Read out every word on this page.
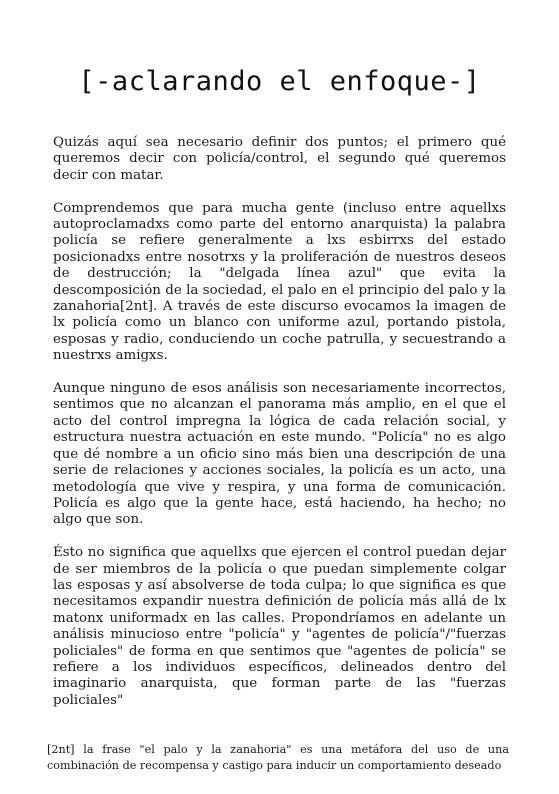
[-aclarando el enfoque-]

Quizás aquí sea necesario definir dos puntos; el primero qué queremos decir con policía/control, el segundo qué queremos decir con matar.

Comprendemos que para mucha gente (incluso entre aquellxs autoproclamadxs como parte del entorno anarquista) la palabra policía se refiere generalmente a lxs esbirrxs del estado posicionadxs entre nosotrxs y la proliferación de nuestros deseos de destrucción; la "delgada línea azul" que evita la descomposición de la sociedad, el palo en el principio del palo y la zanahoria[2nt]. A través de este discurso evocamos la imagen de lx policía como un blanco con uniforme azul, portando pistola, esposas y radio, conduciendo un coche patrulla, y secuestrando a nuestrxs amigxs.

Aunque ninguno de esos análisis son necesariamente incorrectos, sentimos que no alcanzan el panorama más amplio, en el que el acto del control impregna la lógica de cada relación social, y estructura nuestra actuación en este mundo. "Policía" no es algo que dé nombre a un oficio sino más bien una descripción de una serie de relaciones y acciones sociales, la policía es un acto, una metodología que vive y respira, y una forma de comunicación. Policía es algo que la gente hace, está haciendo, ha hecho; no algo que son.

Ésto no significa que aquellxs que ejercen el control puedan dejar de ser miembros de la policía o que puedan simplemente colgar las esposas y así absolverse de toda culpa; lo que significa es que necesitamos expandir nuestra definición de policía más allá de lx matonx uniformadx en las calles. Propondríamos en adelante un análisis minucioso entre "policía" y "agentes de policía"/"fuerzas policiales" de forma en que sentimos que "agentes de policía" se refiere a los individuos específicos, delineados dentro del imaginario anarquista, que forman parte de las "fuerzas policiales"

[2nt] la frase "el palo y la zanahoria" es una metáfora del uso de una combinación de recompensa y castigo para inducir un comportamiento deseado
